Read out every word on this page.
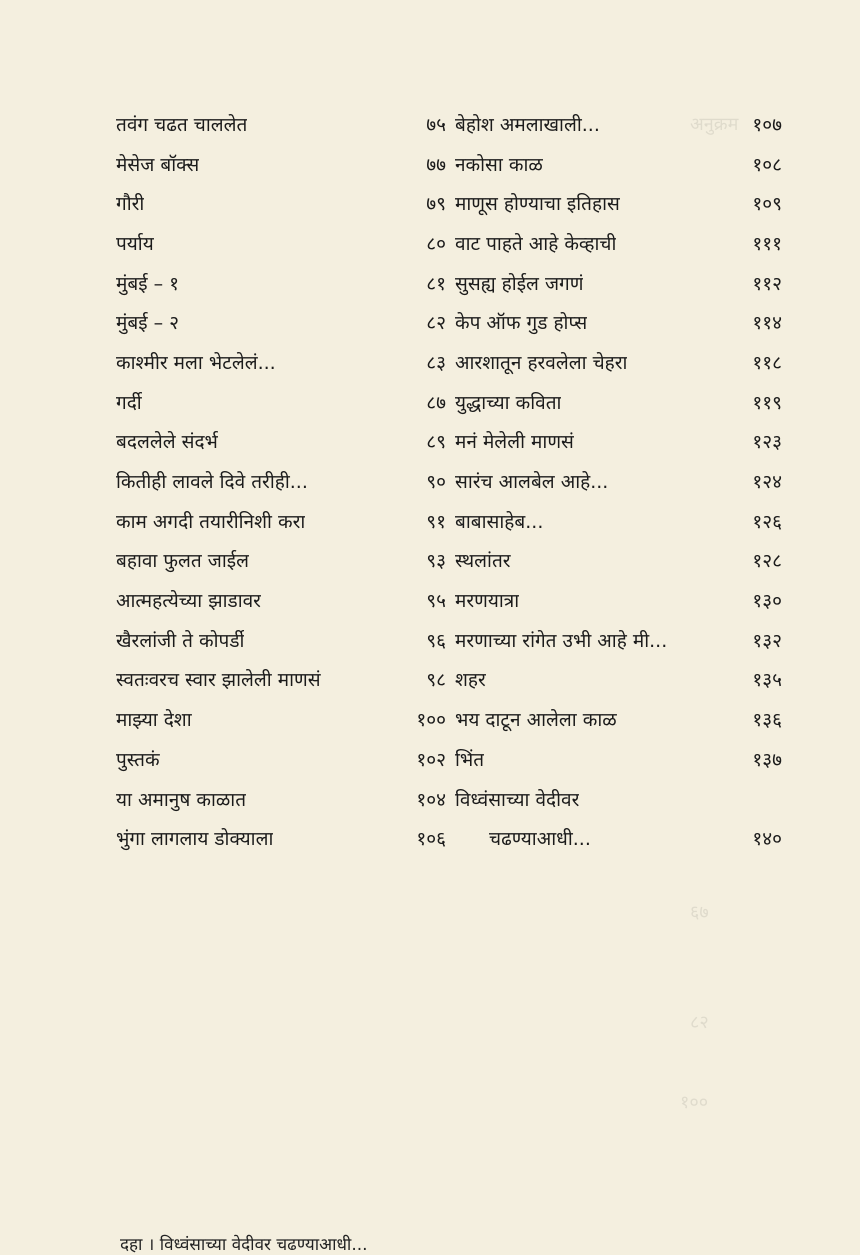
अनुक्रम
६७
८२
१००
तवंग चढत चाललेत	७५
मेसेज बॉक्स	७७
गौरी	७९
पर्याय	८०
मुंबई – १	८१
मुंबई – २	८२
काश्मीर मला भेटलेलं...	८३
गर्दी	८७
बदललेले संदर्भ	८९
कितीही लावले दिवे तरीही...	९०
काम अगदी तयारीनिशी करा	९१
बहावा फुलत जाईल	९३
आत्महत्येच्या झाडावर	९५
खैरलांजी ते कोपर्डी	९६
स्वतःवरच स्वार झालेली माणसं	९८
माझ्या देशा	१००
पुस्तकं	१०२
या अमानुष काळात	१०४
भुंगा लागलाय डोक्याला	१०६
बेहोश अमलाखाली...	१०७
नकोसा काळ	१०८
माणूस होण्याचा इतिहास	१०९
वाट पाहते आहे केव्हाची	१११
सुसह्य होईल जगणं	११२
केप ऑफ गुड होप्स	११४
आरशातून हरवलेला चेहरा	११८
युद्धाच्या कविता	११९
मनं मेलेली माणसं	१२३
सारंच आलबेल आहे...	१२४
बाबासाहेब...	१२६
स्थलांतर	१२८
मरणयात्रा	१३०
मरणाच्या रांगेत उभी आहे मी...	१३२
शहर	१३५
भय दाटून आलेला काळ	१३६
भिंत	१३७
विध्वंसाच्या वेदीवर
चढण्याआधी...	१४०
दहा । विध्वंसाच्या वेदीवर चढण्याआधी...
